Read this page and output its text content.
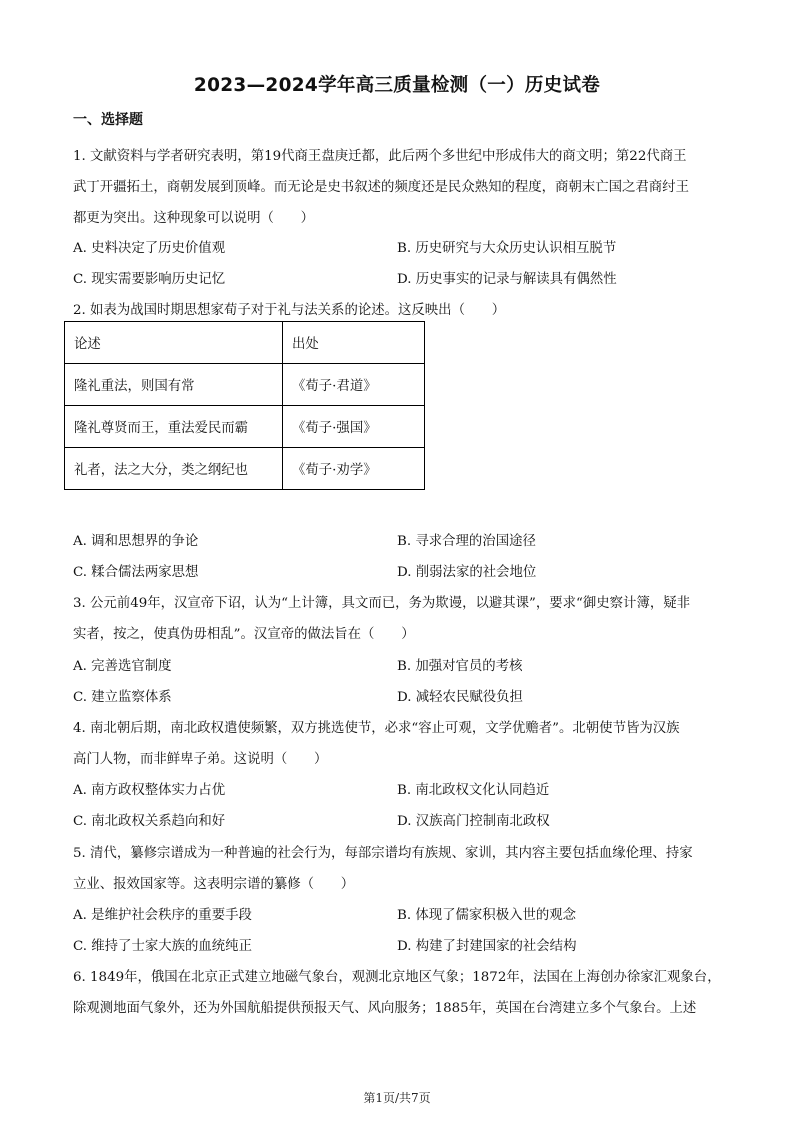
2023—2024学年高三质量检测（一）历史试卷
一、选择题
1. 文献资料与学者研究表明，第19代商王盘庚迁都，此后两个多世纪中形成伟大的商文明；第22代商王
武丁开疆拓土，商朝发展到顶峰。而无论是史书叙述的频度还是民众熟知的程度，商朝末亡国之君商纣王
都更为突出。这种现象可以说明（　　）
A. 史料决定了历史价值观	B. 历史研究与大众历史认识相互脱节
C. 现实需要影响历史记忆	D. 历史事实的记录与解读具有偶然性
2. 如表为战国时期思想家荀子对于礼与法关系的论述。这反映出（　　）
论述	出处
隆礼重法，则国有常	《荀子·君道》
隆礼尊贤而王，重法爱民而霸	《荀子·强国》
礼者，法之大分，类之纲纪也	《荀子·劝学》
A. 调和思想界的争论	B. 寻求合理的治国途径
C. 糅合儒法两家思想	D. 削弱法家的社会地位
3. 公元前49年，汉宣帝下诏，认为“上计簿，具文而已，务为欺谩，以避其课”，要求“御史察计簿，疑非
实者，按之，使真伪毋相乱”。汉宣帝的做法旨在（　　）
A. 完善选官制度	B. 加强对官员的考核
C. 建立监察体系	D. 减轻农民赋役负担
4. 南北朝后期，南北政权遣使频繁，双方挑选使节，必求“容止可观，文学优赡者”。北朝使节皆为汉族
高门人物，而非鲜卑子弟。这说明（　　）
A. 南方政权整体实力占优	B. 南北政权文化认同趋近
C. 南北政权关系趋向和好	D. 汉族高门控制南北政权
5. 清代，纂修宗谱成为一种普遍的社会行为，每部宗谱均有族规、家训，其内容主要包括血缘伦理、持家
立业、报效国家等。这表明宗谱的纂修（　　）
A. 是维护社会秩序的重要手段	B. 体现了儒家积极入世的观念
C. 维持了士家大族的血统纯正	D. 构建了封建国家的社会结构
6. 1849年，俄国在北京正式建立地磁气象台，观测北京地区气象；1872年，法国在上海创办徐家汇观象台，
除观测地面气象外，还为外国航船提供预报天气、风向服务；1885年，英国在台湾建立多个气象台。上述
第1页/共7页
